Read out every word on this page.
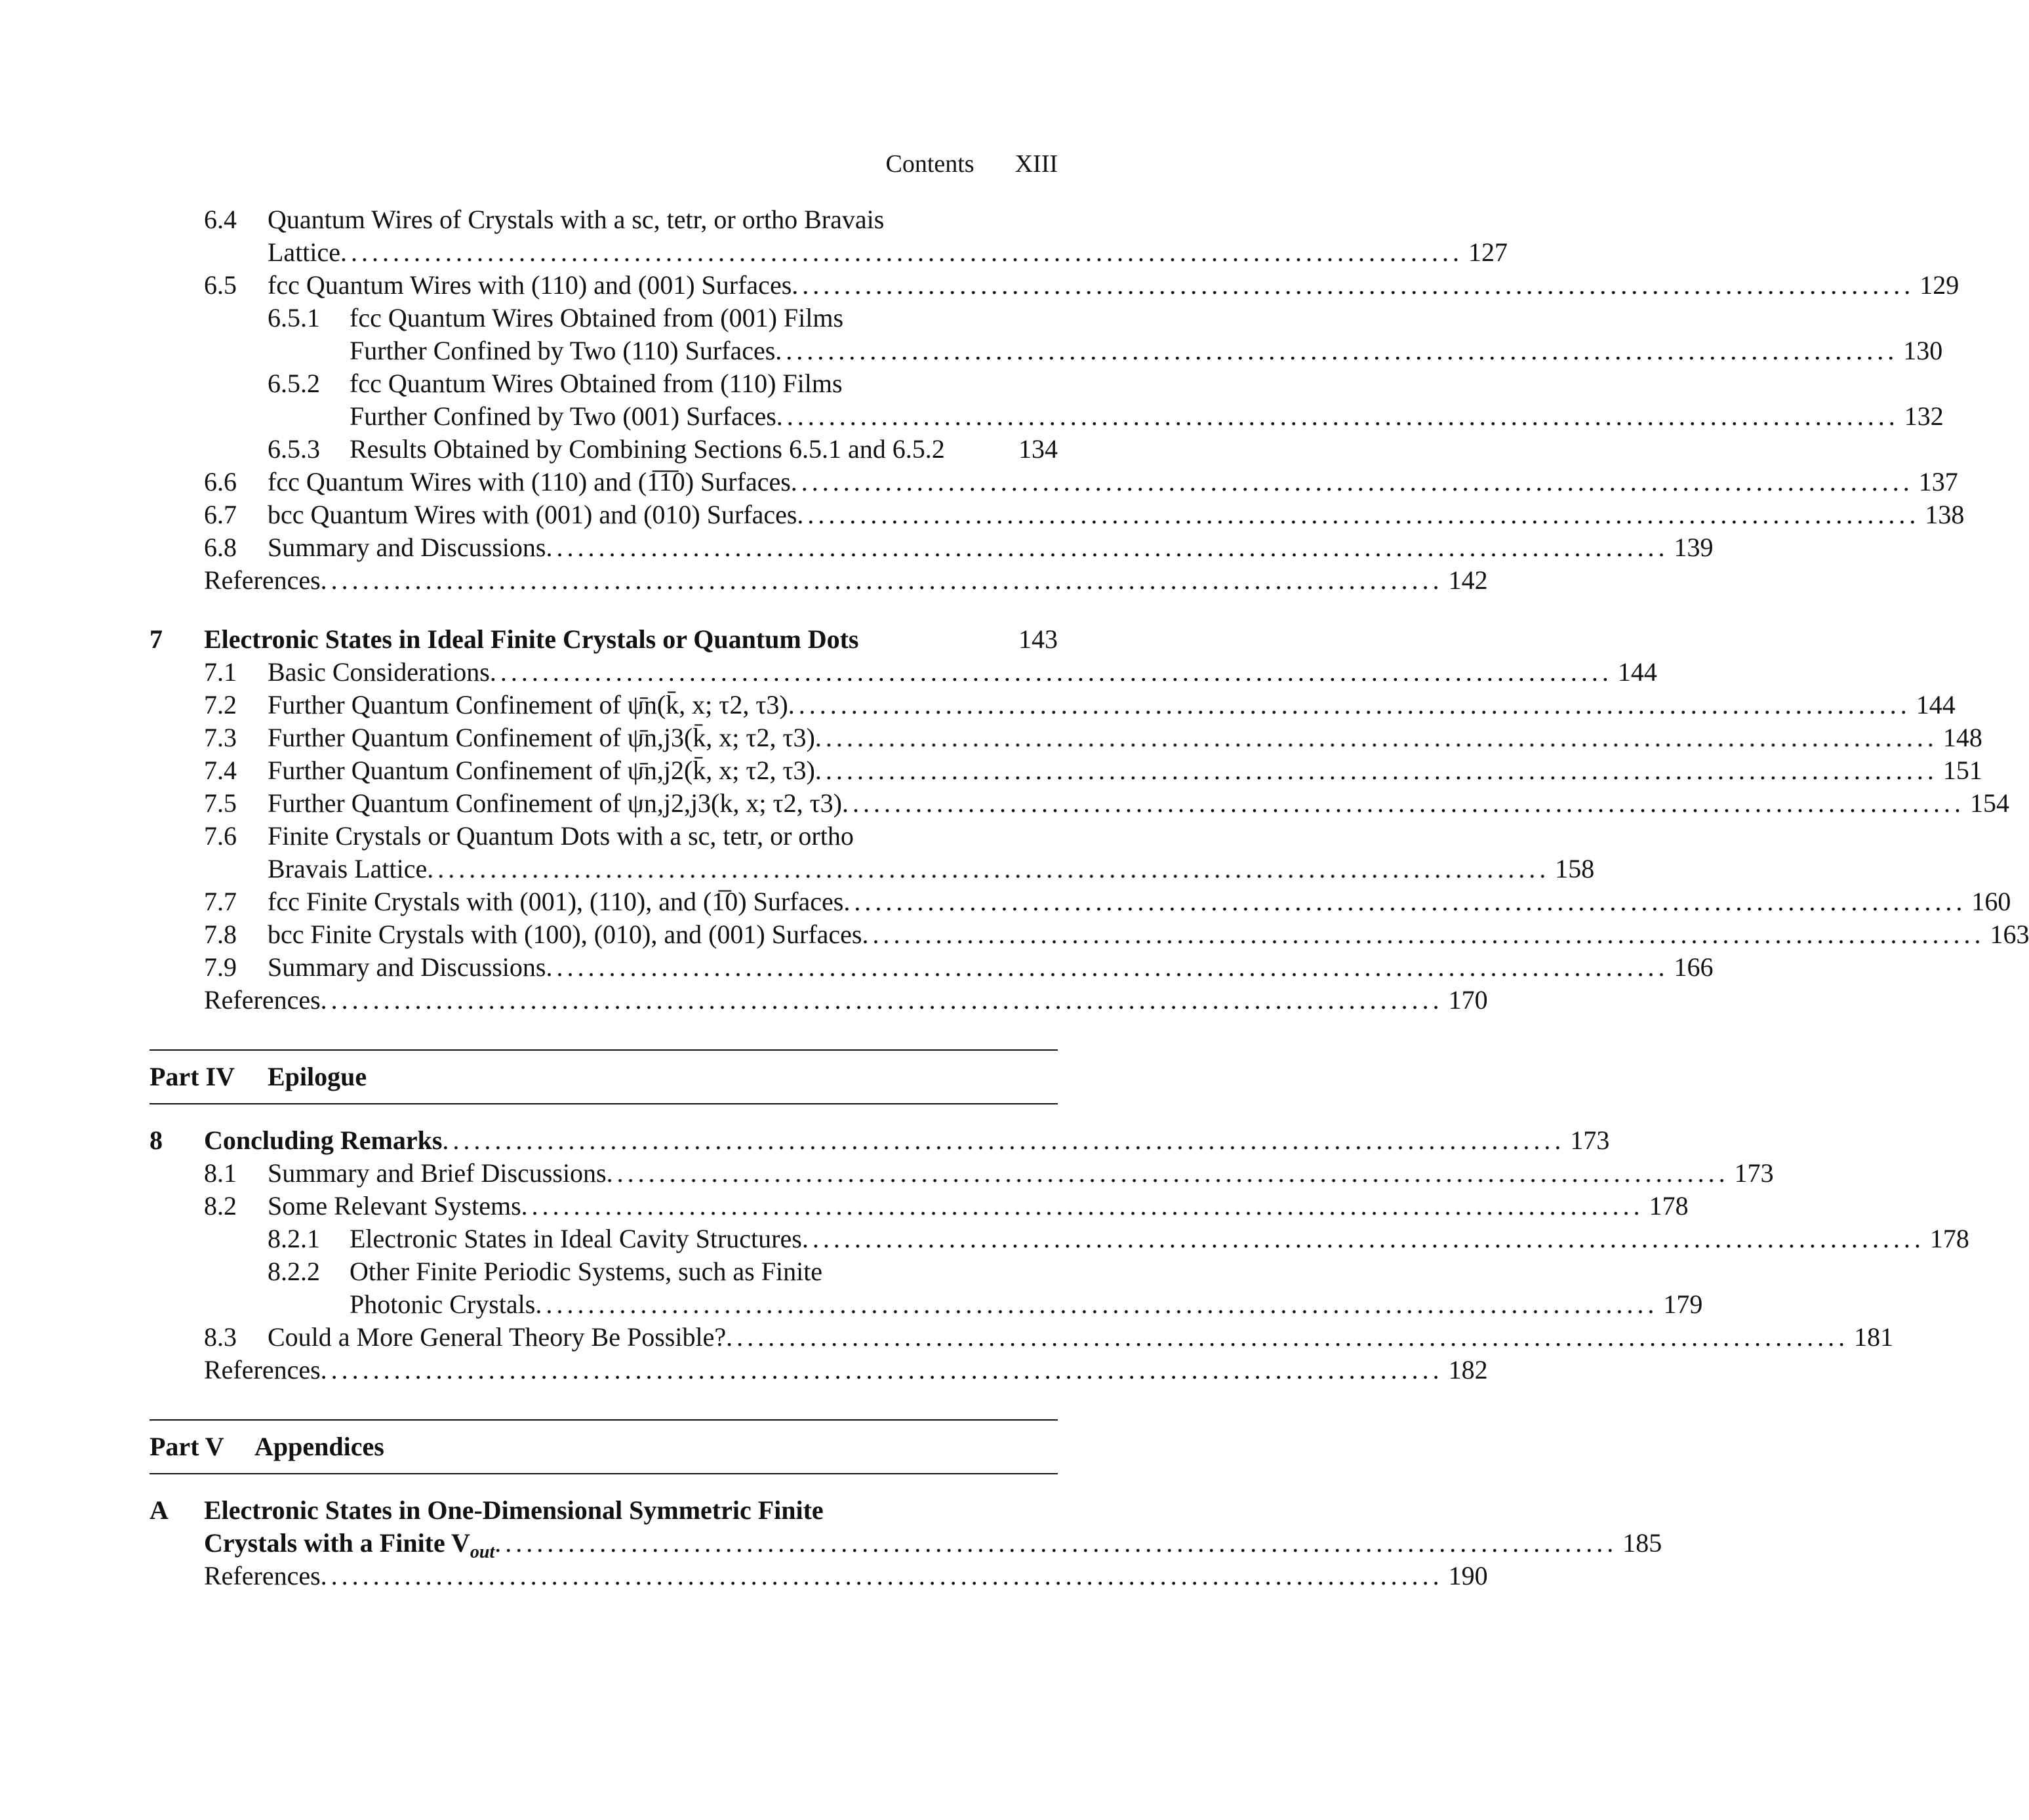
Contents XIII
6.4 Quantum Wires of Crystals with a sc, tetr, or ortho Bravais
Lattice ........................................................................................................... 127
6.5 fcc Quantum Wires with (110) and (001) Surfaces ........................................................................................................... 129
6.5.1 fcc Quantum Wires Obtained from (001) Films
Further Confined by Two (110) Surfaces ........................................................................................................... 130
6.5.2 fcc Quantum Wires Obtained from (110) Films
Further Confined by Two (001) Surfaces ........................................................................................................... 132
6.5.3 Results Obtained by Combining Sections 6.5.1 and 6.5.2	134
6.6 fcc Quantum Wires with (110) and (1̅1̅0) Surfaces ........................................................................................................... 137
6.7 bcc Quantum Wires with (001) and (010) Surfaces ........................................................................................................... 138
6.8 Summary and Discussions ........................................................................................................... 139
References ........................................................................................................... 142
7 Electronic States in Ideal Finite Crystals or Quantum Dots	143
7.1 Basic Considerations ........................................................................................................... 144
7.2 Further Quantum Confinement of ψ̄n(k̄, x; τ2, τ3) ........................................................................................................... 144
7.3 Further Quantum Confinement of ψ̄n,j3(k̄, x; τ2, τ3) ........................................................................................................... 148
7.4 Further Quantum Confinement of ψ̄n,j2(k̄, x; τ2, τ3) ........................................................................................................... 151
7.5 Further Quantum Confinement of ψn,j2,j3(k, x; τ2, τ3) ........................................................................................................... 154
7.6 Finite Crystals or Quantum Dots with a sc, tetr, or ortho
Bravais Lattice ........................................................................................................... 158
7.7 fcc Finite Crystals with (001), (110), and (1̅0) Surfaces ........................................................................................................... 160
7.8 bcc Finite Crystals with (100), (010), and (001) Surfaces ........................................................................................................... 163
7.9 Summary and Discussions ........................................................................................................... 166
References ........................................................................................................... 170
Part IV Epilogue
8 Concluding Remarks ........................................................................................................... 173
8.1 Summary and Brief Discussions ........................................................................................................... 173
8.2 Some Relevant Systems ........................................................................................................... 178
8.2.1 Electronic States in Ideal Cavity Structures ........................................................................................................... 178
8.2.2 Other Finite Periodic Systems, such as Finite
Photonic Crystals ........................................................................................................... 179
8.3 Could a More General Theory Be Possible? ........................................................................................................... 181
References ........................................................................................................... 182
Part V Appendices
A Electronic States in One-Dimensional Symmetric Finite
Crystals with a Finite $V_{out}$ ........................................................................................................... 185
References ........................................................................................................... 190
